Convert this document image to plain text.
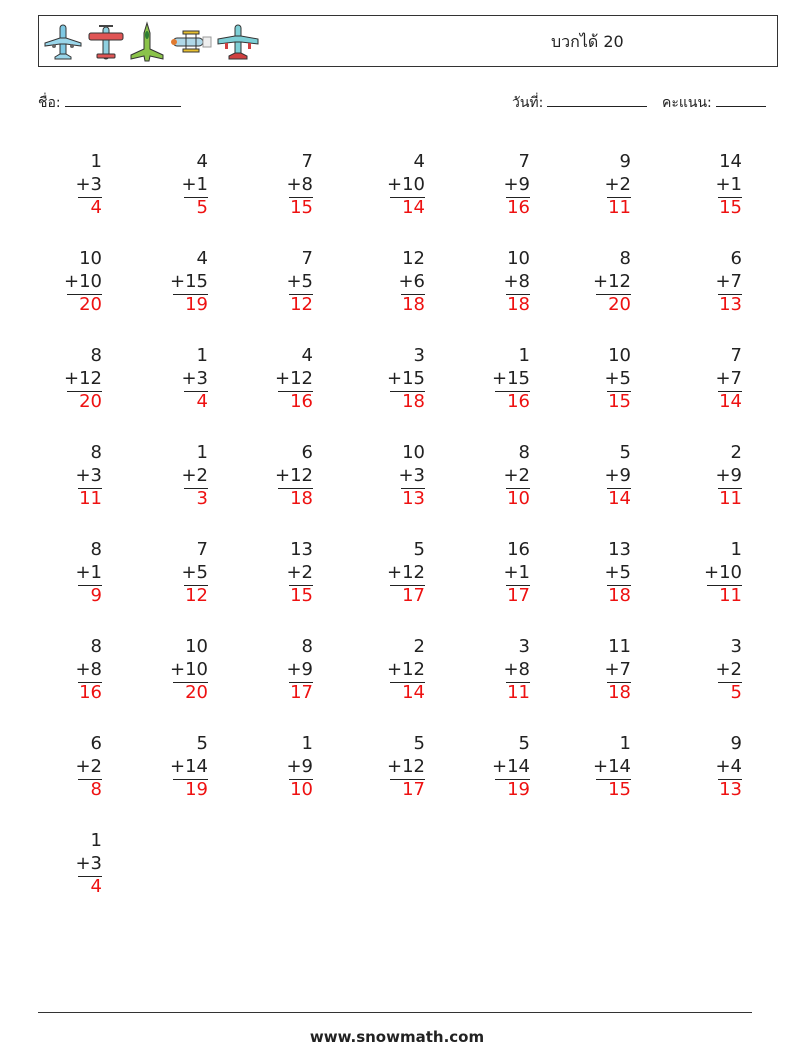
บวกได้ 20
ชื่อ:	วันที่:	คะแนน:
1
+3
4
4
+1
5
7
+8
15
4
+10
14
7
+9
16
9
+2
11
14
+1
15
10
+10
20
4
+15
19
7
+5
12
12
+6
18
10
+8
18
8
+12
20
6
+7
13
8
+12
20
1
+3
4
4
+12
16
3
+15
18
1
+15
16
10
+5
15
7
+7
14
8
+3
11
1
+2
3
6
+12
18
10
+3
13
8
+2
10
5
+9
14
2
+9
11
8
+1
9
7
+5
12
13
+2
15
5
+12
17
16
+1
17
13
+5
18
1
+10
11
8
+8
16
10
+10
20
8
+9
17
2
+12
14
3
+8
11
11
+7
18
3
+2
5
6
+2
8
5
+14
19
1
+9
10
5
+12
17
5
+14
19
1
+14
15
9
+4
13
1
+3
4
www.snowmath.com
